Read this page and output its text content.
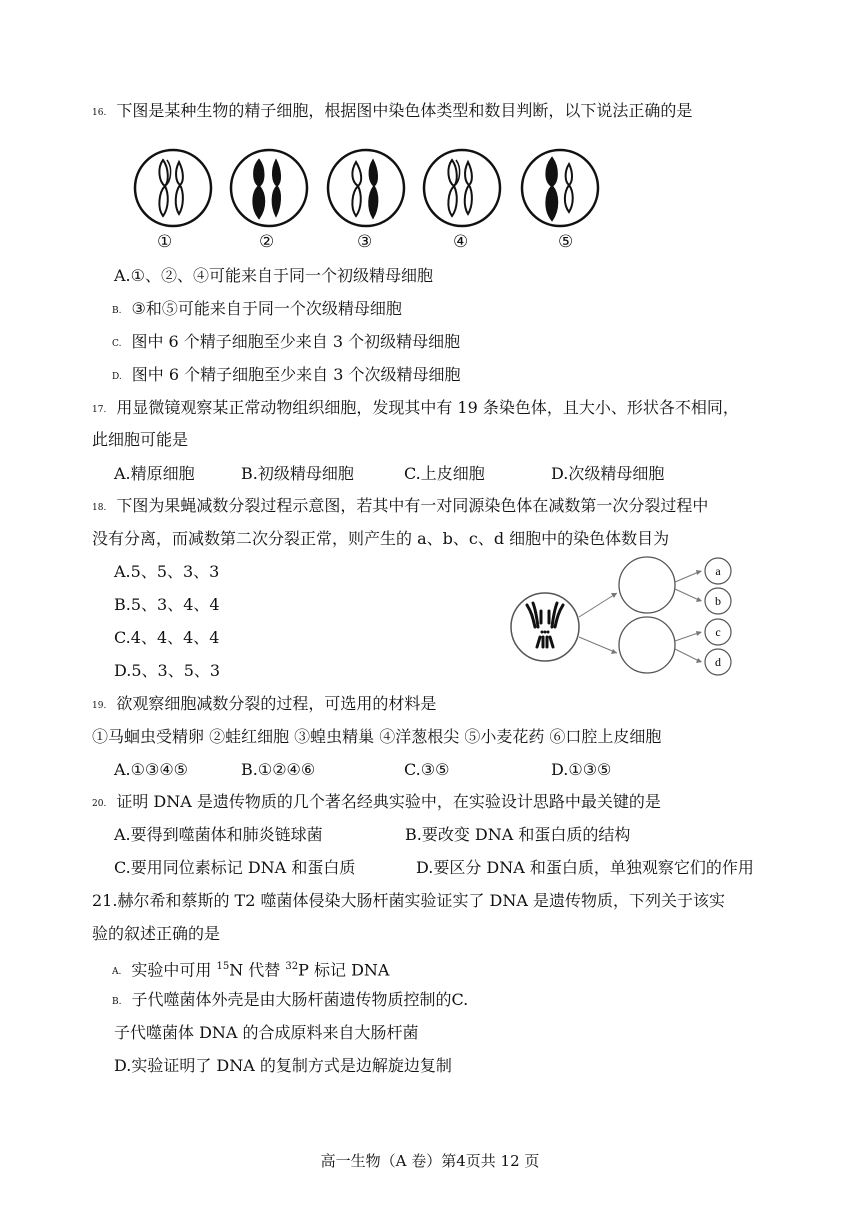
16. 下图是某种生物的精子细胞，根据图中染色体类型和数目判断，以下说法正确的是
①	②	③	④	⑤
A.①、②、④可能来自于同一个初级精母细胞
B. ③和⑤可能来自于同一个次级精母细胞
C. 图中 6 个精子细胞至少来自 3 个初级精母细胞
D. 图中 6 个精子细胞至少来自 3 个次级精母细胞
17. 用显微镜观察某正常动物组织细胞，发现其中有 19 条染色体，且大小、形状各不相同，
此细胞可能是
A.精原细胞	B.初级精母细胞	C.上皮细胞	D.次级精母细胞
18. 下图为果蝇减数分裂过程示意图，若其中有一对同源染色体在减数第一次分裂过程中
没有分离，而减数第二次分裂正常，则产生的 a、b、c、d 细胞中的染色体数目为
A.5、5、3、3
B.5、3、4、4
C.4、4、4、4
D.5、3、5、3
a
b
c
d
19. 欲观察细胞减数分裂的过程，可选用的材料是
①马蛔虫受精卵 ②蛙红细胞 ③蝗虫精巢 ④洋葱根尖 ⑤小麦花药 ⑥口腔上皮细胞
A.①③④⑤	B.①②④⑥	C.③⑤	D.①③⑤
20. 证明 DNA 是遗传物质的几个著名经典实验中，在实验设计思路中最关键的是
A.要得到噬菌体和肺炎链球菌	B.要改变 DNA 和蛋白质的结构
C.要用同位素标记 DNA 和蛋白质	D.要区分 DNA 和蛋白质，单独观察它们的作用
21.赫尔希和蔡斯的 T2 噬菌体侵染大肠杆菌实验证实了 DNA 是遗传物质，下列关于该实
验的叙述正确的是
A. 实验中可用 $^{15}$N 代替 $^{32}$P 标记 DNA
B. 子代噬菌体外壳是由大肠杆菌遗传物质控制的C.
子代噬菌体 DNA 的合成原料来自大肠杆菌
D.实验证明了 DNA 的复制方式是边解旋边复制
高一生物（A 卷）第4页共 12 页
